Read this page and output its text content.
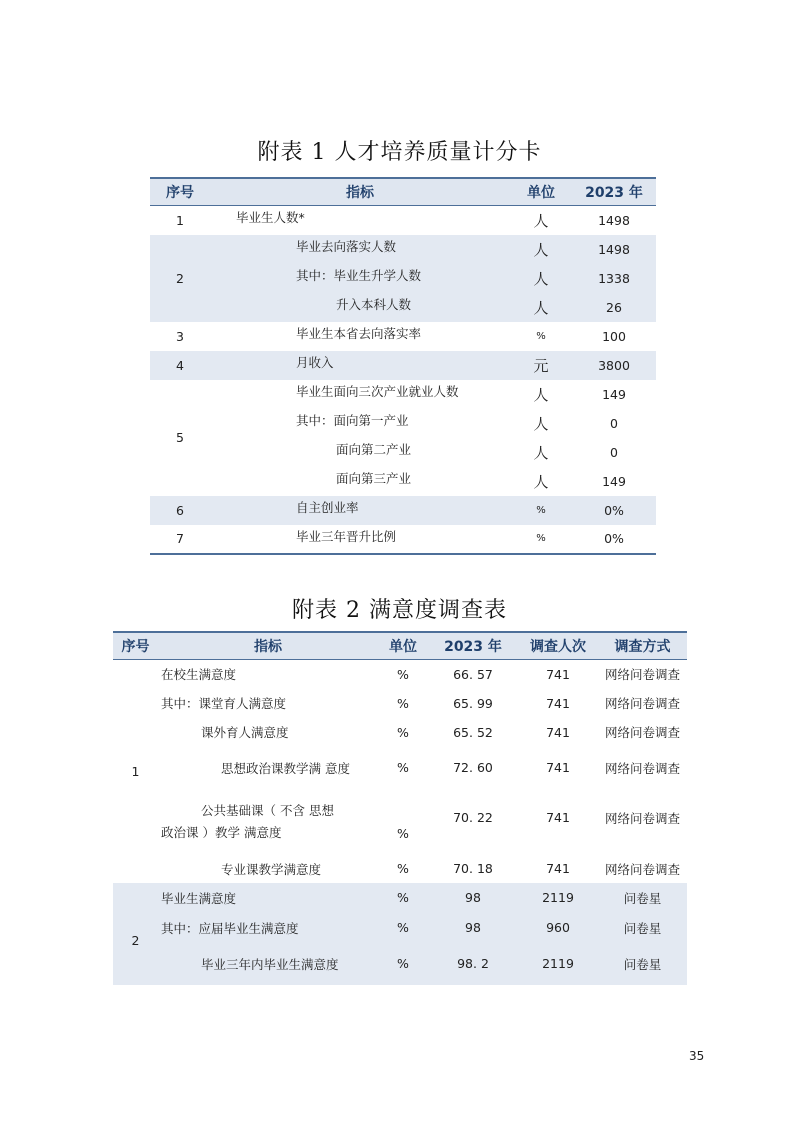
附表 1 人才培养质量计分卡
序号	指标	单位	2023 年
1	毕业生人数*	人	1498
2	毕业去向落实人数	人	1498
	其中：毕业生升学人数	人	1338
	升入本科人数	人	26
3	毕业生本省去向落实率	%	100
4	月收入	元	3800
5	毕业生面向三次产业就业人数	人	149
	其中：面向第一产业	人	0
	面向第二产业	人	0
	面向第三产业	人	149
6	自主创业率	%	0%
7	毕业三年晋升比例	%	0%
附表 2 满意度调查表
序号	指标	单位	2023 年	调查人次	调查方式
1	在校生满意度	%	66. 57	741	网络问卷调查
	其中：课堂育人满意度	%	65. 99	741	网络问卷调查
	课外育人满意度	%	65. 52	741	网络问卷调查
	思想政治课教学满 意度	%	72. 60	741	网络问卷调查

	公共基础课（ 不含 思想
政治课 ）教学 满意度	%	70. 22	741	网络问卷调查
	专业课教学满意度	%	70. 18	741	网络问卷调查
2	毕业生满意度	%	98	2119	问卷星
	其中：应届毕业生满意度	%	98	960	问卷星
	毕业三年内毕业生满意度	%	98. 2	2119	问卷星
35
